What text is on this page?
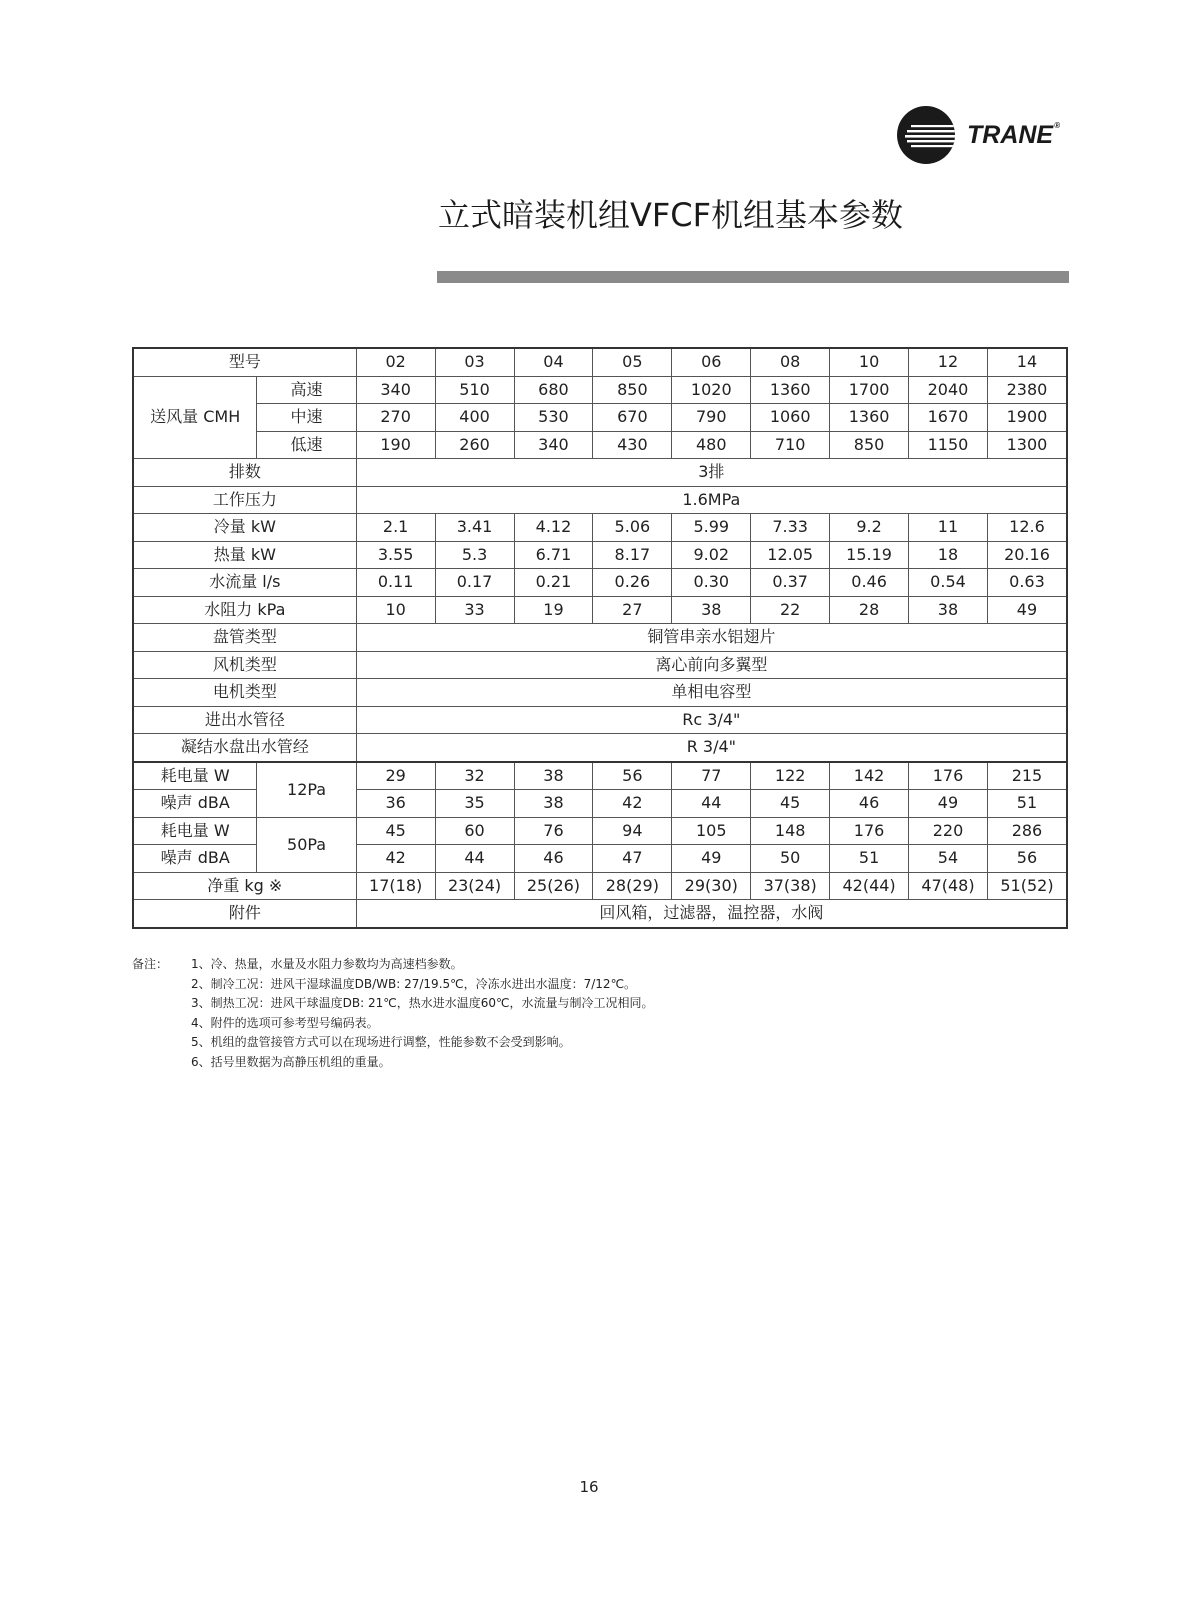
TRANE®
立式暗装机组VFCF机组基本参数
型号		02	03	04	05	06	08	10	12	14
送风量 CMH	高速	340	510	680	850	1020	1360	1700	2040	2380
	中速	270	400	530	670	790	1060	1360	1670	1900
	低速	190	260	340	430	480	710	850	1150	1300
排数		3排								
工作压力		1.6MPa								
冷量 kW		2.1	3.41	4.12	5.06	5.99	7.33	9.2	11	12.6
热量 kW		3.55	5.3	6.71	8.17	9.02	12.05	15.19	18	20.16
水流量 l/s		0.11	0.17	0.21	0.26	0.30	0.37	0.46	0.54	0.63
水阻力 kPa		10	33	19	27	38	22	28	38	49
盘管类型		铜管串亲水铝翅片								
风机类型		离心前向多翼型								
电机类型		单相电容型								
进出水管径		Rc 3/4"								
凝结水盘出水管经		R 3/4"								
耗电量 W	12Pa	29	32	38	56	77	122	142	176	215
噪声 dBA		36	35	38	42	44	45	46	49	51
耗电量 W	50Pa	45	60	76	94	105	148	176	220	286
噪声 dBA		42	44	46	47	49	50	51	54	56
净重 kg ※		17(18)	23(24)	25(26)	28(29)	29(30)	37(38)	42(44)	47(48)	51(52)
附件		回风箱，过滤器，温控器，水阀								
备注： 1、冷、热量，水量及水阻力参数均为高速档参数。
2、制冷工况：进风干湿球温度DB/WB: 27/19.5℃，冷冻水进出水温度：7/12℃。
3、制热工况：进风干球温度DB: 21℃，热水进水温度60℃，水流量与制冷工况相同。
4、附件的选项可参考型号编码表。
5、机组的盘管接管方式可以在现场进行调整，性能参数不会受到影响。
6、括号里数据为高静压机组的重量。
16
